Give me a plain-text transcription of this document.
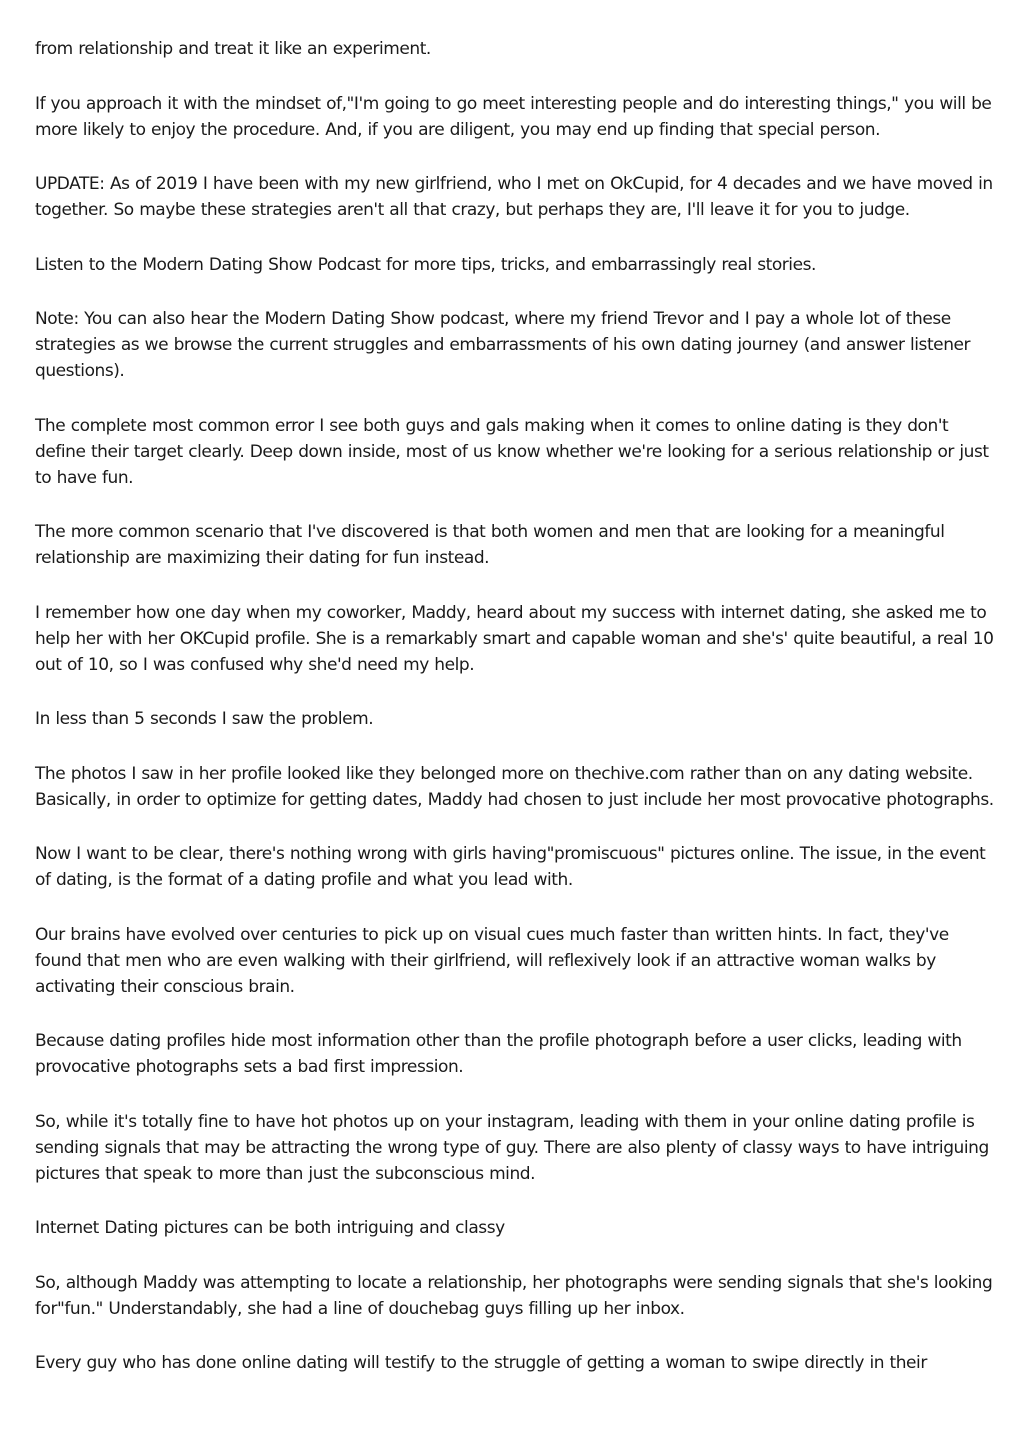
from relationship and treat it like an experiment.

If you approach it with the mindset of,"I'm going to go meet interesting people and do interesting things," you will be more likely to enjoy the procedure. And, if you are diligent, you may end up finding that special person.

UPDATE: As of 2019 I have been with my new girlfriend, who I met on OkCupid, for 4 decades and we have moved in together. So maybe these strategies aren't all that crazy, but perhaps they are, I'll leave it for you to judge.

Listen to the Modern Dating Show Podcast for more tips, tricks, and embarrassingly real stories.

Note: You can also hear the Modern Dating Show podcast, where my friend Trevor and I pay a whole lot of these strategies as we browse the current struggles and embarrassments of his own dating journey (and answer listener questions).

The complete most common error I see both guys and gals making when it comes to online dating is they don't define their target clearly. Deep down inside, most of us know whether we're looking for a serious relationship or just to have fun.

The more common scenario that I've discovered is that both women and men that are looking for a meaningful relationship are maximizing their dating for fun instead.

I remember how one day when my coworker, Maddy, heard about my success with internet dating, she asked me to help her with her OKCupid profile. She is a remarkably smart and capable woman and she's' quite beautiful, a real 10 out of 10, so I was confused why she'd need my help.

In less than 5 seconds I saw the problem.

The photos I saw in her profile looked like they belonged more on thechive.com rather than on any dating website. Basically, in order to optimize for getting dates, Maddy had chosen to just include her most provocative photographs.

Now I want to be clear, there's nothing wrong with girls having"promiscuous" pictures online. The issue, in the event of dating, is the format of a dating profile and what you lead with.

Our brains have evolved over centuries to pick up on visual cues much faster than written hints. In fact, they've found that men who are even walking with their girlfriend, will reflexively look if an attractive woman walks by activating their conscious brain.

Because dating profiles hide most information other than the profile photograph before a user clicks, leading with provocative photographs sets a bad first impression.

So, while it's totally fine to have hot photos up on your instagram, leading with them in your online dating profile is sending signals that may be attracting the wrong type of guy. There are also plenty of classy ways to have intriguing pictures that speak to more than just the subconscious mind.

Internet Dating pictures can be both intriguing and classy

So, although Maddy was attempting to locate a relationship, her photographs were sending signals that she's looking for"fun." Understandably, she had a line of douchebag guys filling up her inbox.

Every guy who has done online dating will testify to the struggle of getting a woman to swipe directly in their
